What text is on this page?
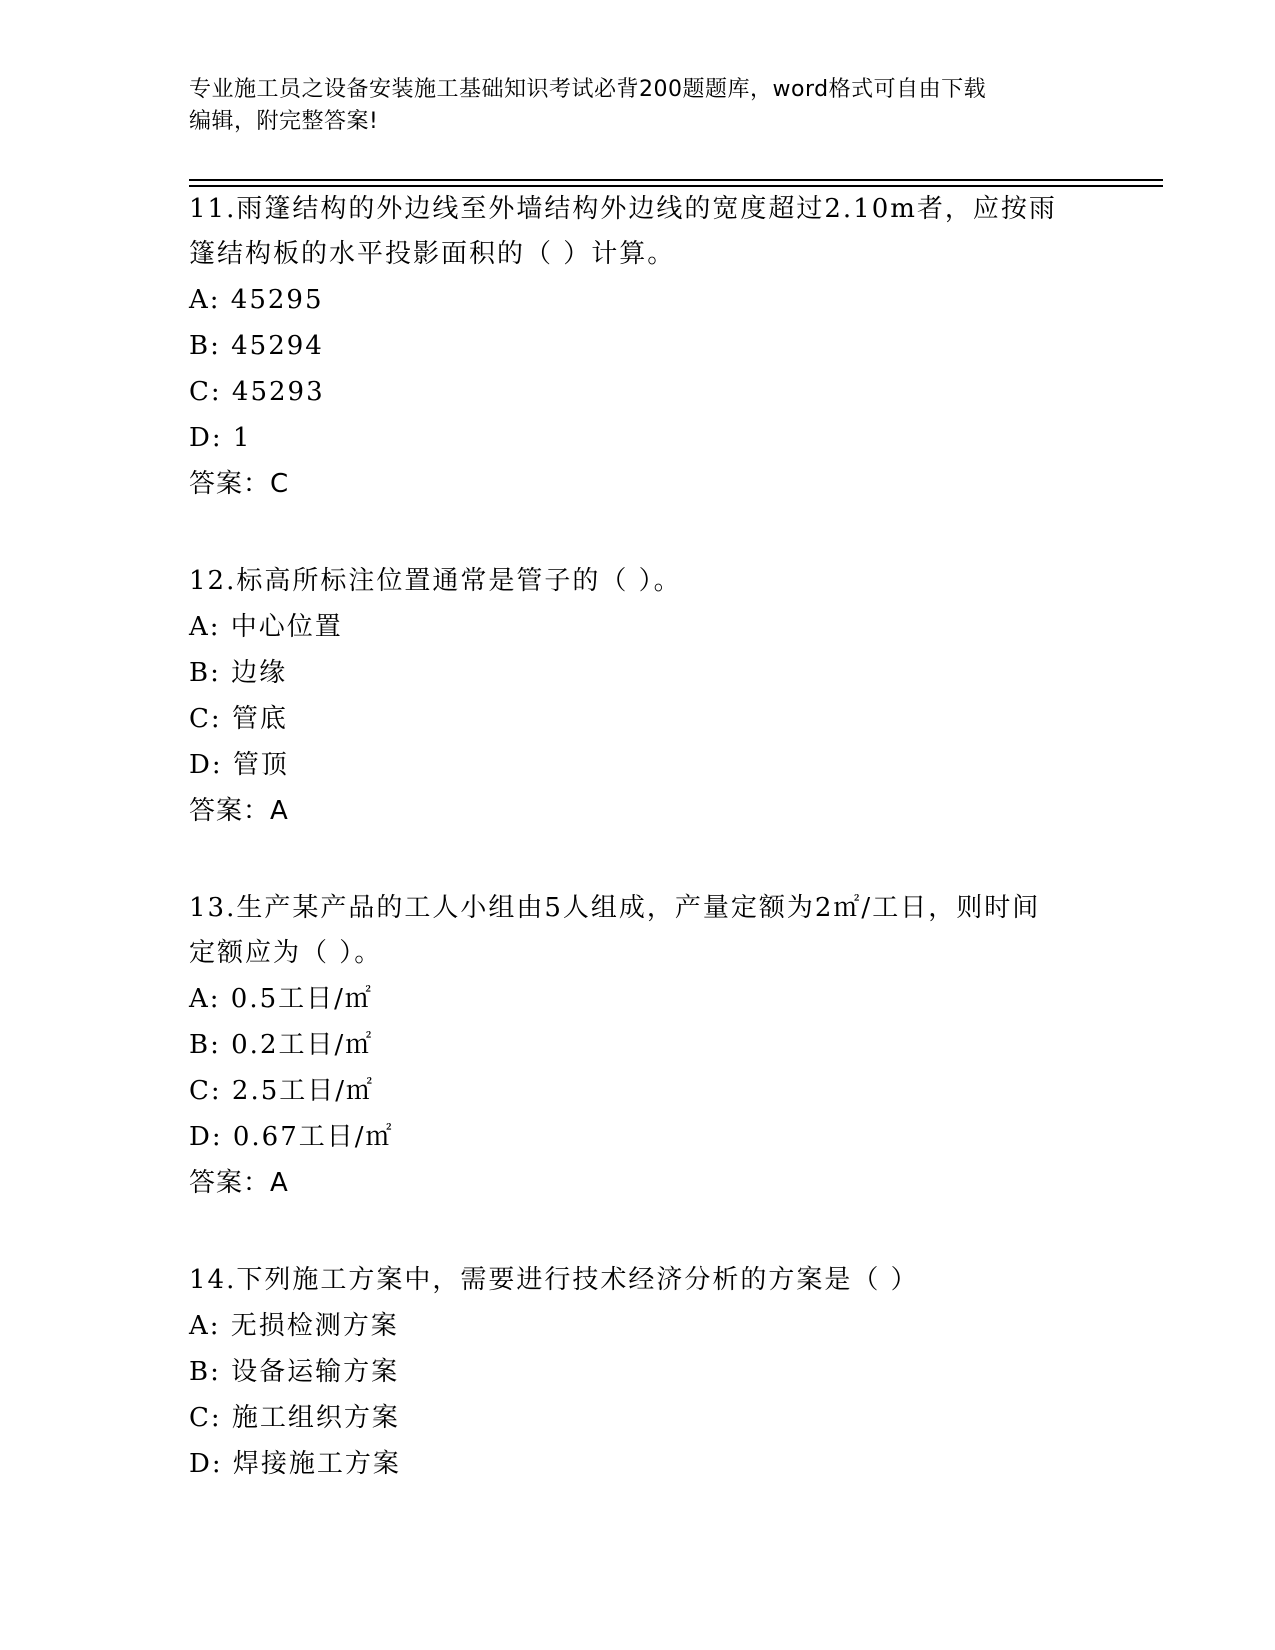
专业施工员之设备安装施工基础知识考试必背200题题库，word格式可自由下载
编辑，附完整答案!
11.雨篷结构的外边线至外墙结构外边线的宽度超过2.10m者，应按雨
篷结构板的水平投影面积的（ ）计算。
A: 45295
B: 45294
C: 45293
D: 1
答案：C
12.标高所标注位置通常是管子的（ ）。
A: 中心位置
B: 边缘
C: 管底
D: 管顶
答案：A
13.生产某产品的工人小组由5人组成，产量定额为2㎡/工日，则时间
定额应为（ ）。
A: 0.5工日/㎡
B: 0.2工日/㎡
C: 2.5工日/㎡
D: 0.67工日/㎡
答案：A
14.下列施工方案中，需要进行技术经济分析的方案是（ ）
A: 无损检测方案
B: 设备运输方案
C: 施工组织方案
D: 焊接施工方案
